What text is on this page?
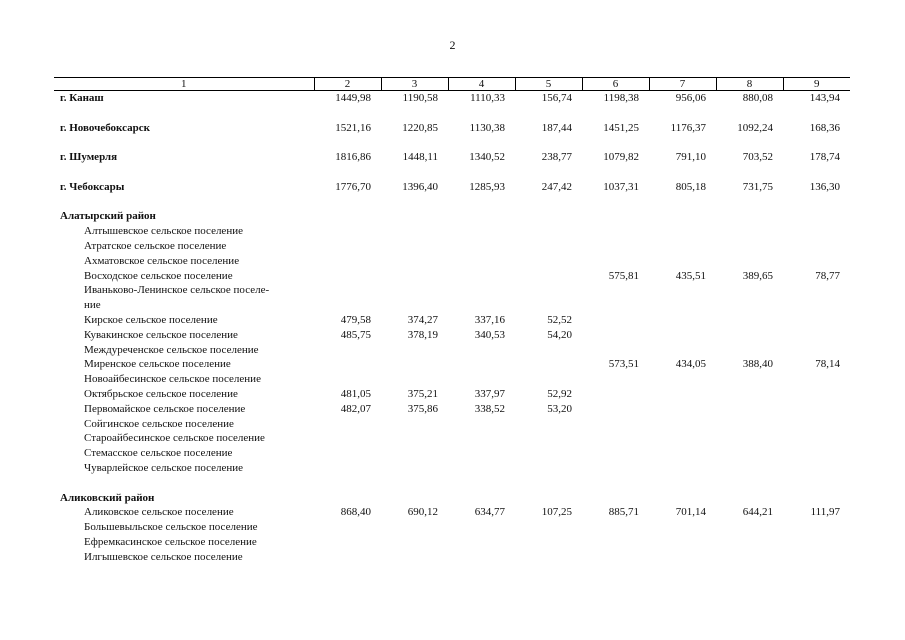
2
1	2	3	4	5	6	7	8	9
г. Канаш	1449,98	1190,58	1110,33	156,74	1198,38	956,06	880,08	143,94

г. Новочебоксарск	1521,16	1220,85	1130,38	187,44	1451,25	1176,37	1092,24	168,36

г. Шумерля	1816,86	1448,11	1340,52	238,77	1079,82	791,10	703,52	178,74

г. Чебоксары	1776,70	1396,40	1285,93	247,42	1037,31	805,18	731,75	136,30

Алатырский район								
Алтышевское сельское поселение								
Атратское сельское поселение								
Ахматовское сельское поселение								
Восходское сельское поселение					575,81	435,51	389,65	78,77
Иваньково-Ленинское сельское поселе-								
ние								
Кирское сельское поселение	479,58	374,27	337,16	52,52				
Кувакинское сельское поселение	485,75	378,19	340,53	54,20				
Междуреченское сельское поселение								
Миренское сельское поселение					573,51	434,05	388,40	78,14
Новоайбесинское сельское поселение								
Октябрьское сельское поселение	481,05	375,21	337,97	52,92				
Первомайское сельское поселение	482,07	375,86	338,52	53,20				
Сойгинское сельское поселение								
Староайбесинское сельское поселение								
Стемасское сельское поселение								
Чуварлейское сельское поселение								

Аликовский район								
Аликовское сельское поселение	868,40	690,12	634,77	107,25	885,71	701,14	644,21	111,97
Большевыльское сельское поселение								
Ефремкасинское сельское поселение								
Илгышевское сельское поселение								
